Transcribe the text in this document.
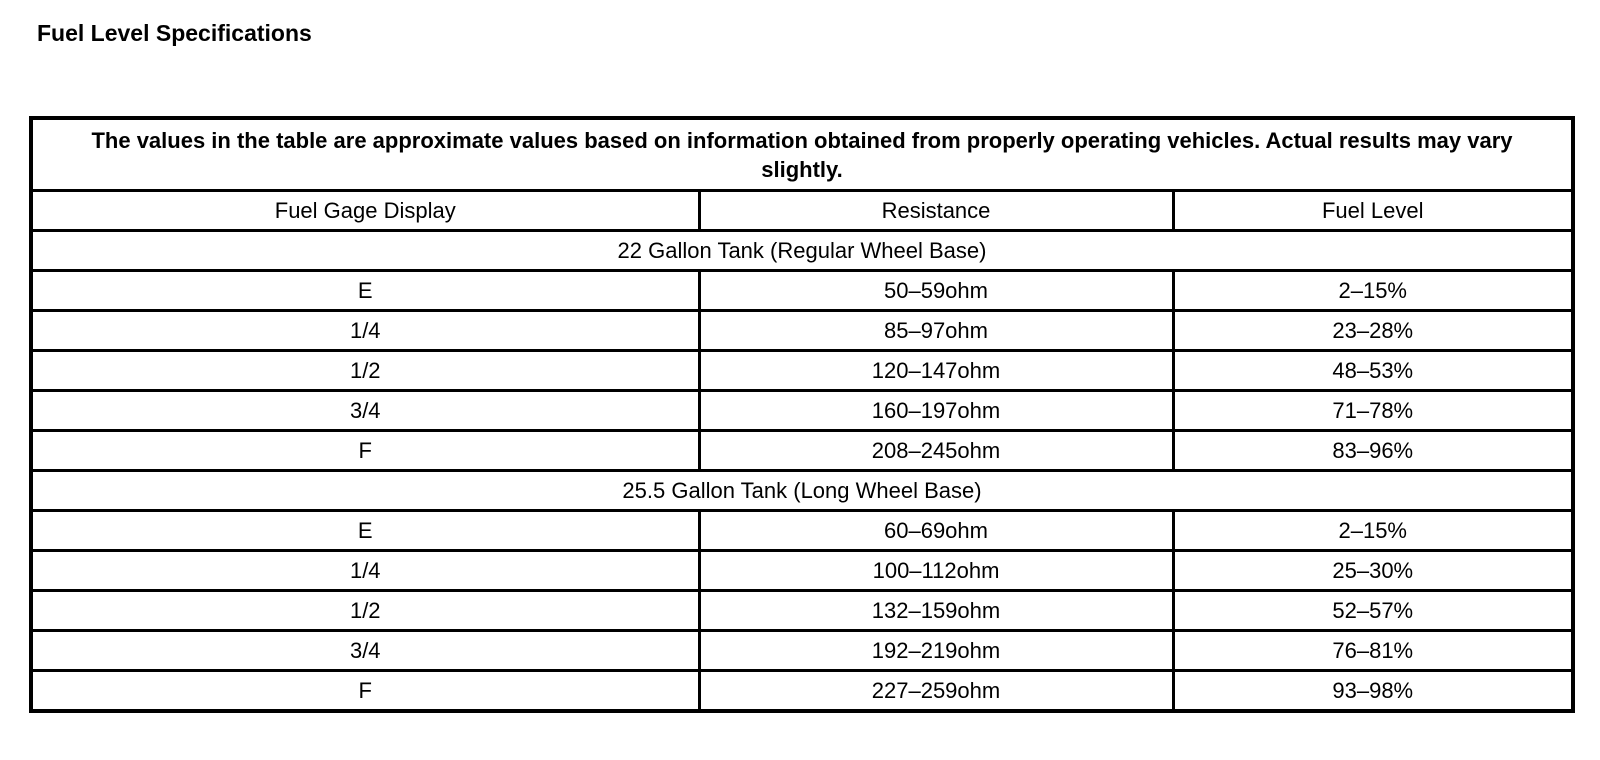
Fuel Level Specifications
The values in the table are approximate values based on information obtained from properly operating vehicles. Actual results may vary slightly.		
Fuel Gage Display	Resistance	Fuel Level
22 Gallon Tank (Regular Wheel Base)		
E	50–59ohm	2–15%
1/4	85–97ohm	23–28%
1/2	120–147ohm	48–53%
3/4	160–197ohm	71–78%
F	208–245ohm	83–96%
25.5 Gallon Tank (Long Wheel Base)		
E	60–69ohm	2–15%
1/4	100–112ohm	25–30%
1/2	132–159ohm	52–57%
3/4	192–219ohm	76–81%
F	227–259ohm	93–98%
